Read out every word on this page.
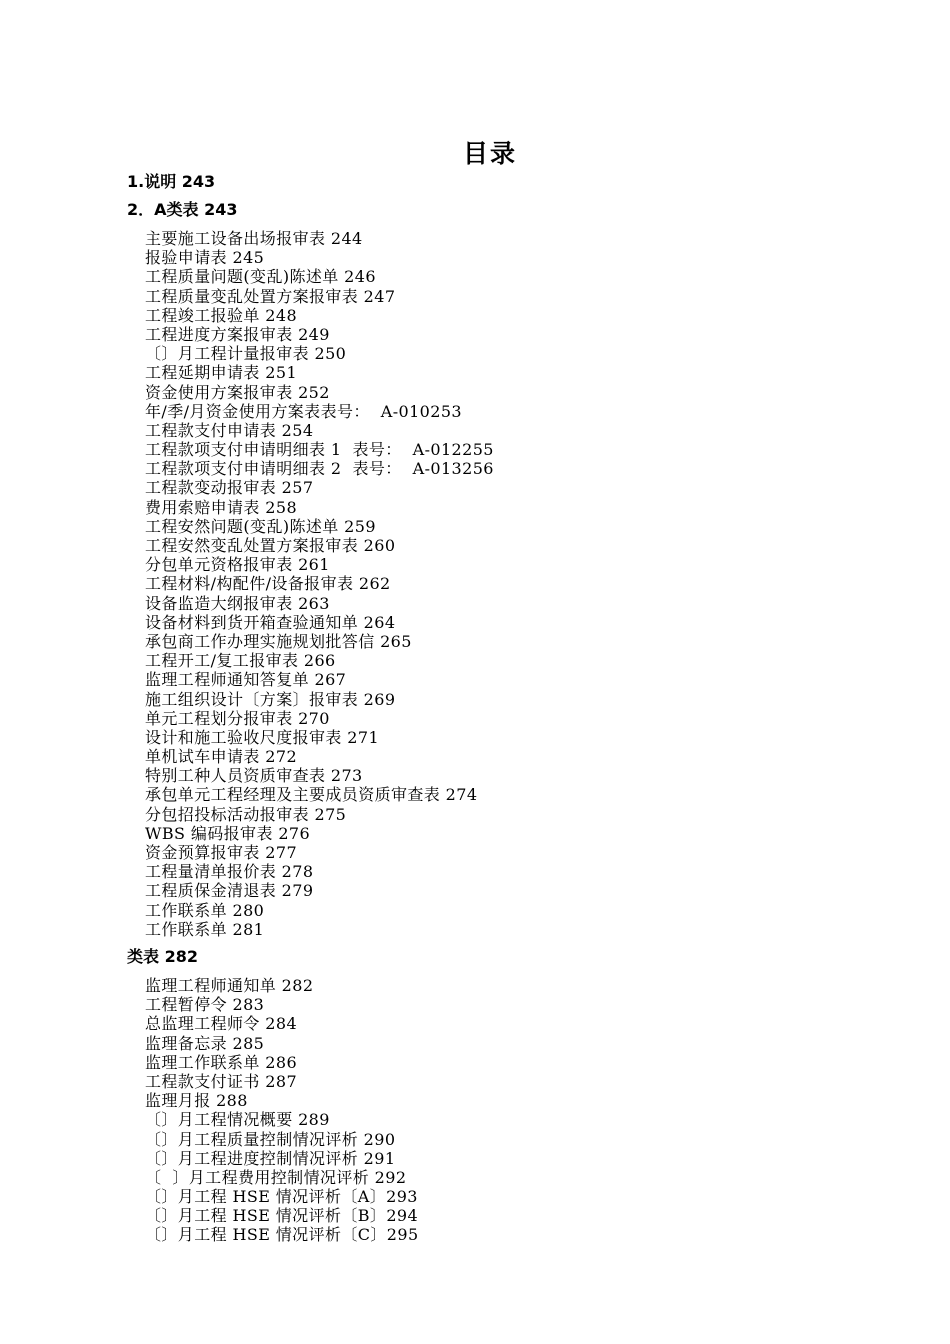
目录
1.说明 243
2．A类表 243
主要施工设备出场报审表 244
报验申请表 245
工程质量问题(变乱)陈述单 246
工程质量变乱处置方案报审表 247
工程竣工报验单 248
工程进度方案报审表 249
〔〕月工程计量报审表 250
工程延期申请表 251
资金使用方案报审表 252
年/季/月资金使用方案表表号：  A-010253
工程款支付申请表 254
工程款项支付申请明细表 1  表号：  A-012255
工程款项支付申请明细表 2  表号：  A-013256
工程款变动报审表 257
费用索赔申请表 258
工程安然问题(变乱)陈述单 259
工程安然变乱处置方案报审表 260
分包单元资格报审表 261
工程材料/构配件/设备报审表 262
设备监造大纲报审表 263
设备材料到货开箱查验通知单 264
承包商工作办理实施规划批答信 265
工程开工/复工报审表 266
监理工程师通知答复单 267
施工组织设计〔方案〕报审表 269
单元工程划分报审表 270
设计和施工验收尺度报审表 271
单机试车申请表 272
特别工种人员资质审查表 273
承包单元工程经理及主要成员资质审查表 274
分包招投标活动报审表 275
WBS 编码报审表 276
资金预算报审表 277
工程量清单报价表 278
工程质保金清退表 279
工作联系单 280
工作联系单 281
类表 282
监理工程师通知单 282
工程暂停令 283
总监理工程师令 284
监理备忘录 285
监理工作联系单 286
工程款支付证书 287
监理月报 288
〔〕月工程情况概要 289
〔〕月工程质量控制情况评析 290
〔〕月工程进度控制情况评析 291
〔  〕月工程费用控制情况评析 292
〔〕月工程 HSE 情况评析〔A〕293
〔〕月工程 HSE 情况评析〔B〕294
〔〕月工程 HSE 情况评析〔C〕295
